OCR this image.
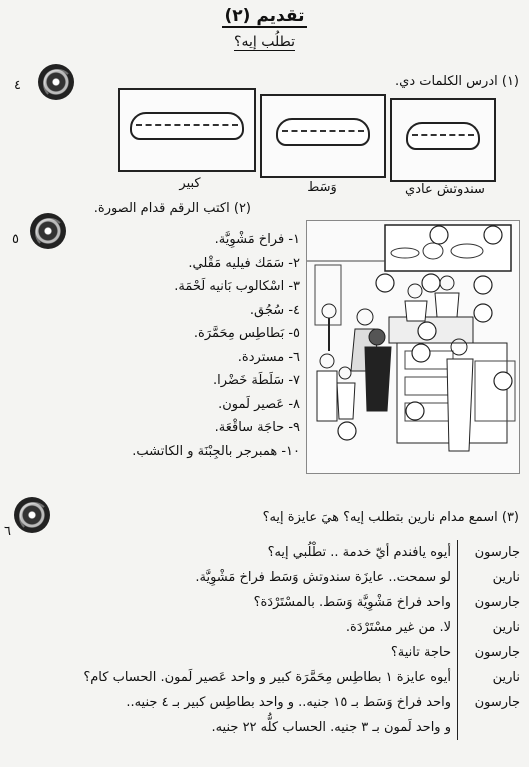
تقديم (٢)
تطلُب إيه؟
٤	(١) ادرس الكلمات دي.
سندوتش عادي
وَسَط
كبير
٥
(٢) اكتب الرقم قدام الصورة.
١- فراخ مَشْوِيَّة.
٢- سَمَك فيليه مَقْلي.
٣- اسْكالوب بَانيه لَحْمَة.
٤- سُجُق.
٥- بَطاطِس مِحَمَّرَة.
٦- مستردة.
٧- سَلَطَة خَضْرا.
٨- عَصير لَمون.
٩- حاجَة ساقْعَة.
١٠- همبرجر بالجِبْنَة و الكاتشب.
٦
(٣) اسمع مدام نارين بتطلب إيه؟ هيَ عايزة إيه؟
جارسون	أيوه يافندم أيّ خدمة .. تطْلُبي إيه؟
نارين	لو سمحت.. عايزَة سندوتش وَسَط فراخ مَشْوِيَّة.
جارسون	واحد فراخ مَشْوِيَّة وَسَط. بالمسْتَرْدَة؟
نارين	لا. من غير مسْتَرْدَة.
جارسون	حاجة تانية؟
نارين	أيوه عايزة ١ بطاطِس مِحَمَّرَة كبير و واحد عَصير لَمون. الحساب كام؟
جارسون	واحد فراخ وَسَط بـ ١٥ جنيه.. و واحد بطاطِس كبير بـ ٤ جنيه..
	و واحد لَمون بـ ٣ جنيه. الحساب كلُّه ٢٢ جنيه.
